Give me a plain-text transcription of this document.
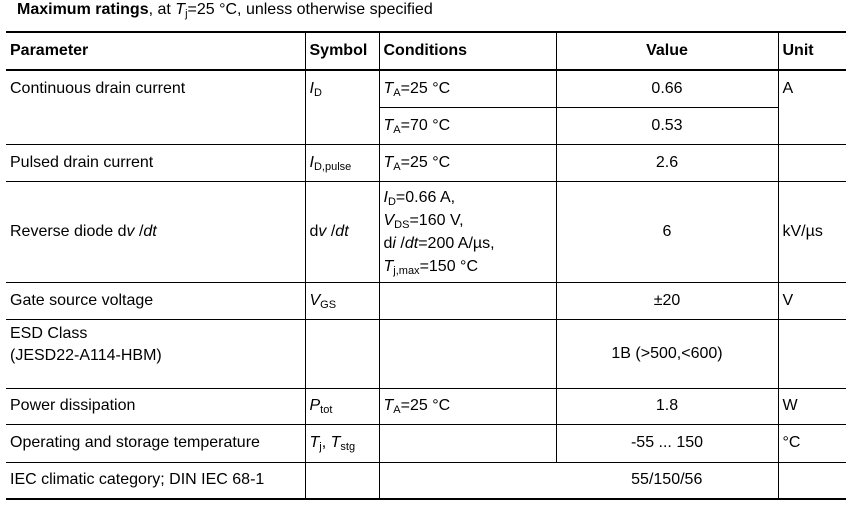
Maximum ratings, at $T_j=25$ °C, unless otherwise specified
Parameter	Symbol	Conditions	Value	Unit
Continuous drain current	$I_D$	$T_A=25$ °C	0.66	A
		$T_A=70$ °C	0.53	
Pulsed drain current	$I_{D,pulse}$	$T_A=25$ °C	2.6	
Reverse diode dv /dt	dv /dt	$I_D=0.66$ A,
$V_{DS}=160$ V,
di /dt=200 A/µs,
$T_{j,max}=150$ °C	6	kV/µs
Gate source voltage	$V_{GS}$		±20	V

ESD Class
(JESD22-A114-HBM)			1B (>500,<600)	
Power dissipation	$P_{tot}$	$T_A=25$ °C	1.8	W
Operating and storage temperature	$T_j$, $T_{stg}$		-55 ... 150	°C
IEC climatic category; DIN IEC 68-1			55/150/56	
